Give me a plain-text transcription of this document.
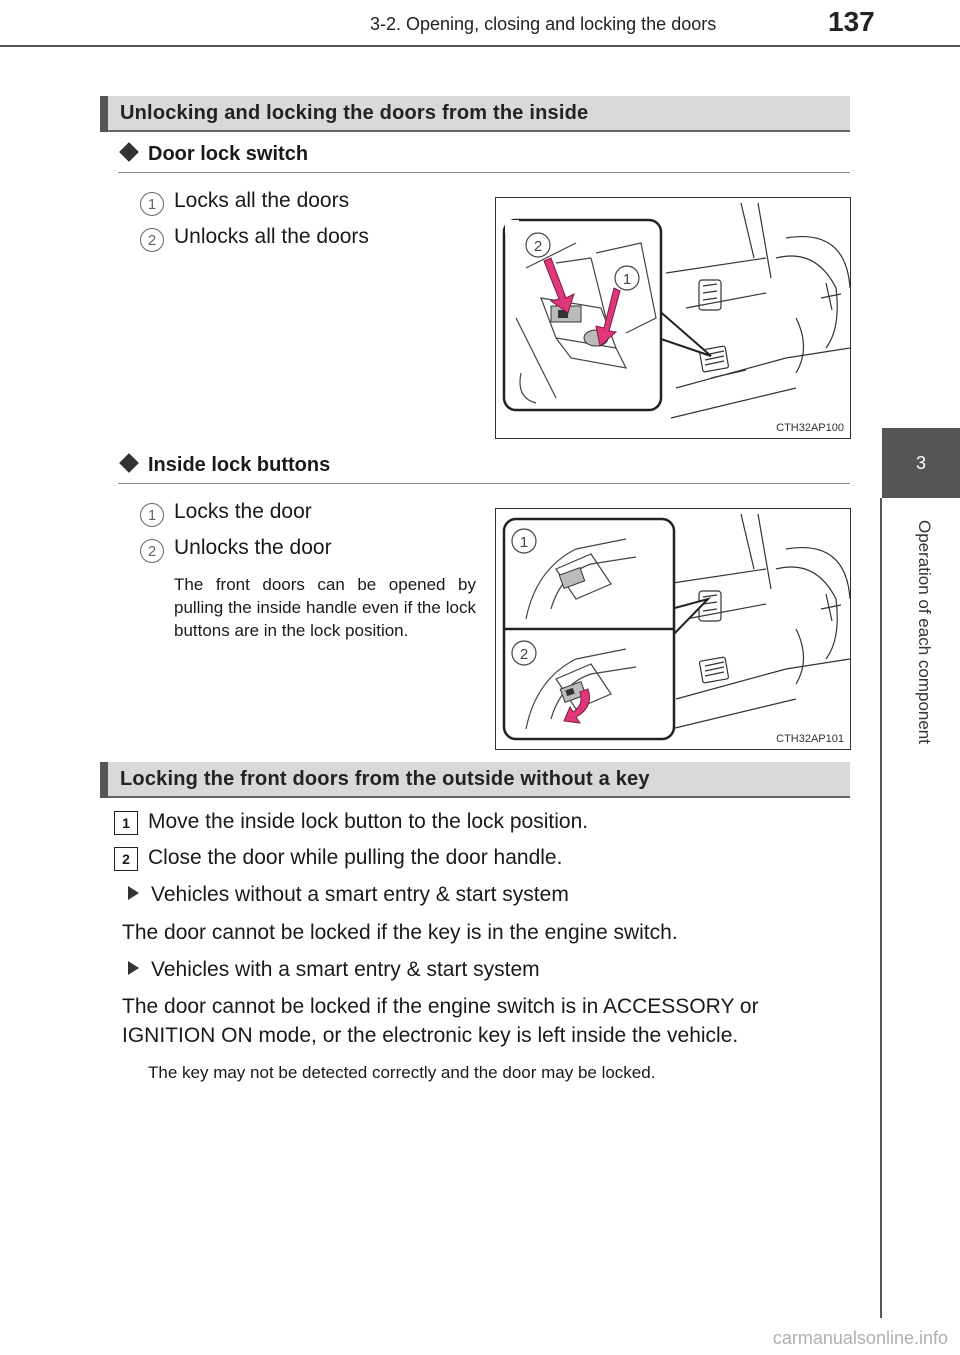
3-2. Opening, closing and locking the doors	137
3
Operation of each component
Unlocking and locking the doors from the inside
Door lock switch
1 Locks all the doors
2 Unlocks all the doors	2
1
CTH32AP100
Inside lock buttons
1 Locks the door
2 Unlocks the door
The front doors can be opened by pulling the inside handle even if the lock buttons are in the lock position.
1
2
CTH32AP101
Locking the front doors from the outside without a key
1 Move the inside lock button to the lock position.
2 Close the door while pulling the door handle.
Vehicles without a smart entry & start system
The door cannot be locked if the key is in the engine switch.
Vehicles with a smart entry & start system
The door cannot be locked if the engine switch is in ACCESSORY or
IGNITION ON mode, or the electronic key is left inside the vehicle.
The key may not be detected correctly and the door may be locked.
carmanualsonline.info
